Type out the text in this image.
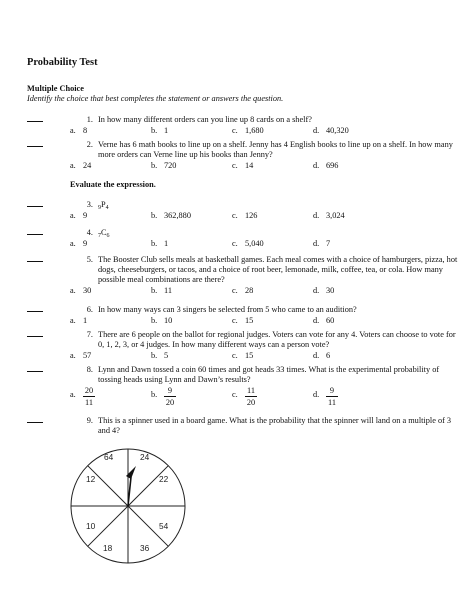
Probability Test
Multiple Choice
Identify the choice that best completes the statement or answers the question.
1. In how many different orders can you line up 8 cards on a shelf?
a. 8	b. 1	c. 1,680	d. 40,320
2. Verne has 6 math books to line up on a shelf. Jenny has 4 English books to line up on a shelf. In how many more orders can Verne line up his books than Jenny?
a. 24	b. 720	c. 14	d. 696
Evaluate the expression.
3. $_9P_4$
a. 9	b. 362,880	c. 126	d. 3,024
4. $_7C_6$
a. 9	b. 1	c. 5,040	d. 7
5. The Booster Club sells meals at basketball games. Each meal comes with a choice of hamburgers, pizza, hot dogs, cheeseburgers, or tacos, and a choice of root beer, lemonade, milk, coffee, tea, or cola. How many possible meal combinations are there?
a. 30	b. 11	c. 28	d. 30
6. In how many ways can 3 singers be selected from 5 who came to an audition?
a. 1	b. 10	c. 15	d. 60
7. There are 6 people on the ballot for regional judges. Voters can vote for any 4. Voters can choose to vote for 0, 1, 2, 3, or 4 judges. In how many different ways can a person vote?
a. 57	b. 5	c. 15	d. 6
8. Lynn and Dawn tossed a coin 60 times and got heads 33 times. What is the experimental probability of tossing heads using Lynn and Dawn’s results?
a. $\frac{20}{11}$	b. $\frac{9}{20}$	c. $\frac{11}{20}$	d. $\frac{9}{11}$
9. This is a spinner used in a board game. What is the probability that the spinner will land on a multiple of 3 and 4?
24
22
54
36
18
10
12
64
